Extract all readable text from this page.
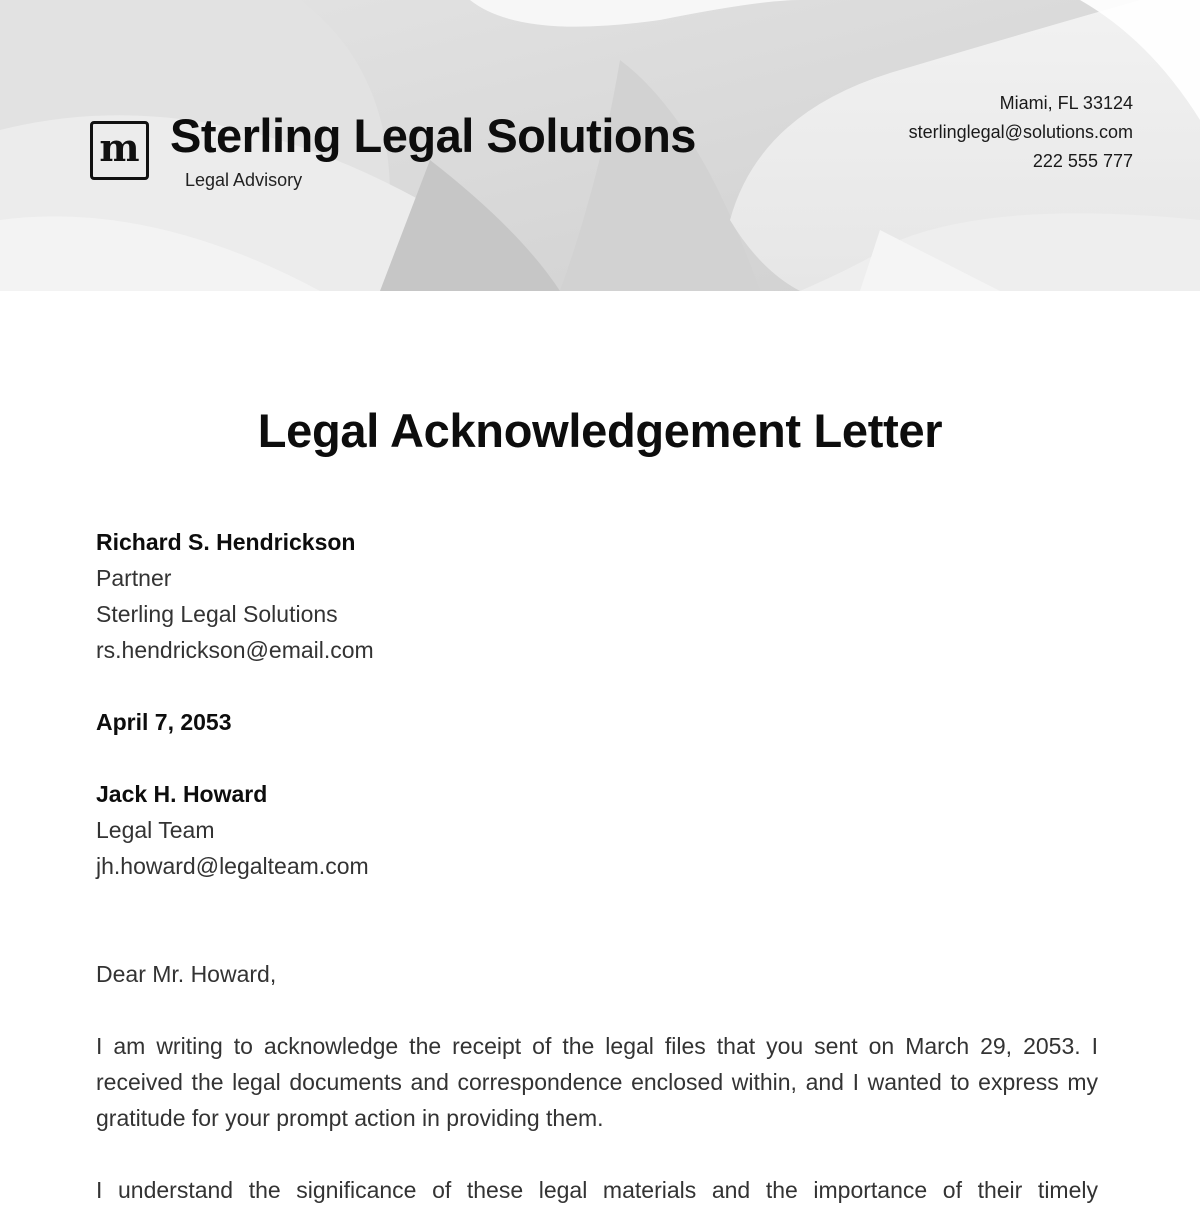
m Sterling Legal Solutions
Legal Advisory
Miami, FL 33124
sterlinglegal@solutions.com
222 555 777
Legal Acknowledgement Letter
Richard S. Hendrickson
Partner
Sterling Legal Solutions
rs.hendrickson@email.com
April 7, 2053
Jack H. Howard
Legal Team
jh.howard@legalteam.com
Dear Mr. Howard,
I am writing to acknowledge the receipt of the legal files that you sent on March 29, 2053. I received the legal documents and correspondence enclosed within, and I wanted to express my gratitude for your prompt action in providing them.
I understand the significance of these legal materials and the importance of their timely
